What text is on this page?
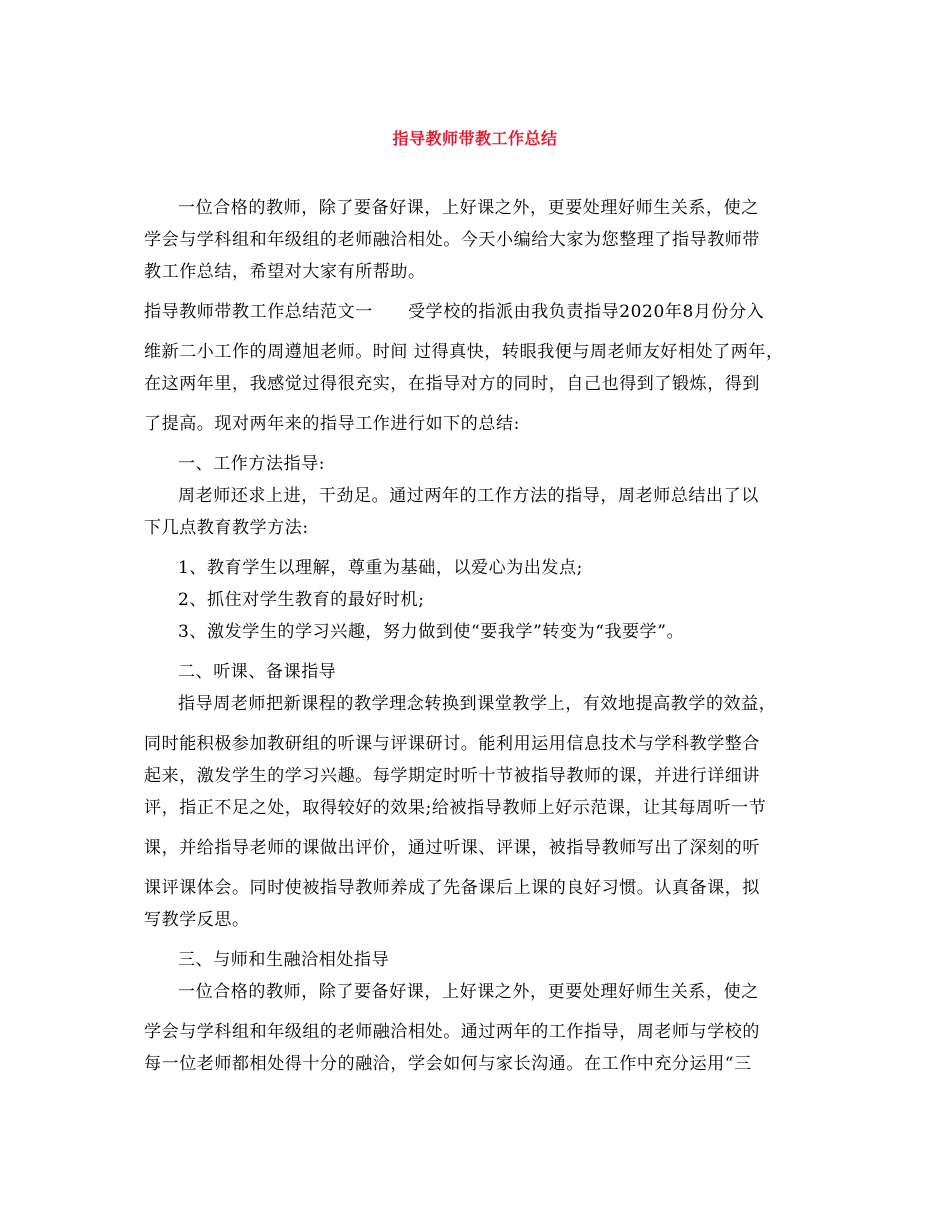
指导教师带教工作总结
一位合格的教师，除了要备好课，上好课之外，更要处理好师生关系，使之
学会与学科组和年级组的老师融洽相处。今天小编给大家为您整理了指导教师带
教工作总结，希望对大家有所帮助。
指导教师带教工作总结范文一　　受学校的指派由我负责指导2020年8月份分入
维新二小工作的周遵旭老师。时间 过得真快，转眼我便与周老师友好相处了两年，
在这两年里，我感觉过得很充实，在指导对方的同时，自己也得到了锻炼，得到
了提高。现对两年来的指导工作进行如下的总结:
一、工作方法指导:
周老师还求上进，干劲足。通过两年的工作方法的指导，周老师总结出了以
下几点教育教学方法:
1、教育学生以理解，尊重为基础，以爱心为出发点;
2、抓住对学生教育的最好时机;
3、激发学生的学习兴趣，努力做到使“要我学”转变为“我要学”。
二、听课、备课指导
指导周老师把新课程的教学理念转换到课堂教学上，有效地提高教学的效益，
同时能积极参加教研组的听课与评课研讨。能利用运用信息技术与学科教学整合
起来，激发学生的学习兴趣。每学期定时听十节被指导教师的课，并进行详细讲
评，指正不足之处，取得较好的效果;给被指导教师上好示范课，让其每周听一节
课，并给指导老师的课做出评价，通过听课、评课，被指导教师写出了深刻的听
课评课体会。同时使被指导教师养成了先备课后上课的良好习惯。认真备课，拟
写教学反思。
三、与师和生融洽相处指导
一位合格的教师，除了要备好课，上好课之外，更要处理好师生关系，使之
学会与学科组和年级组的老师融洽相处。通过两年的工作指导，周老师与学校的
每一位老师都相处得十分的融洽，学会如何与家长沟通。在工作中充分运用“三
